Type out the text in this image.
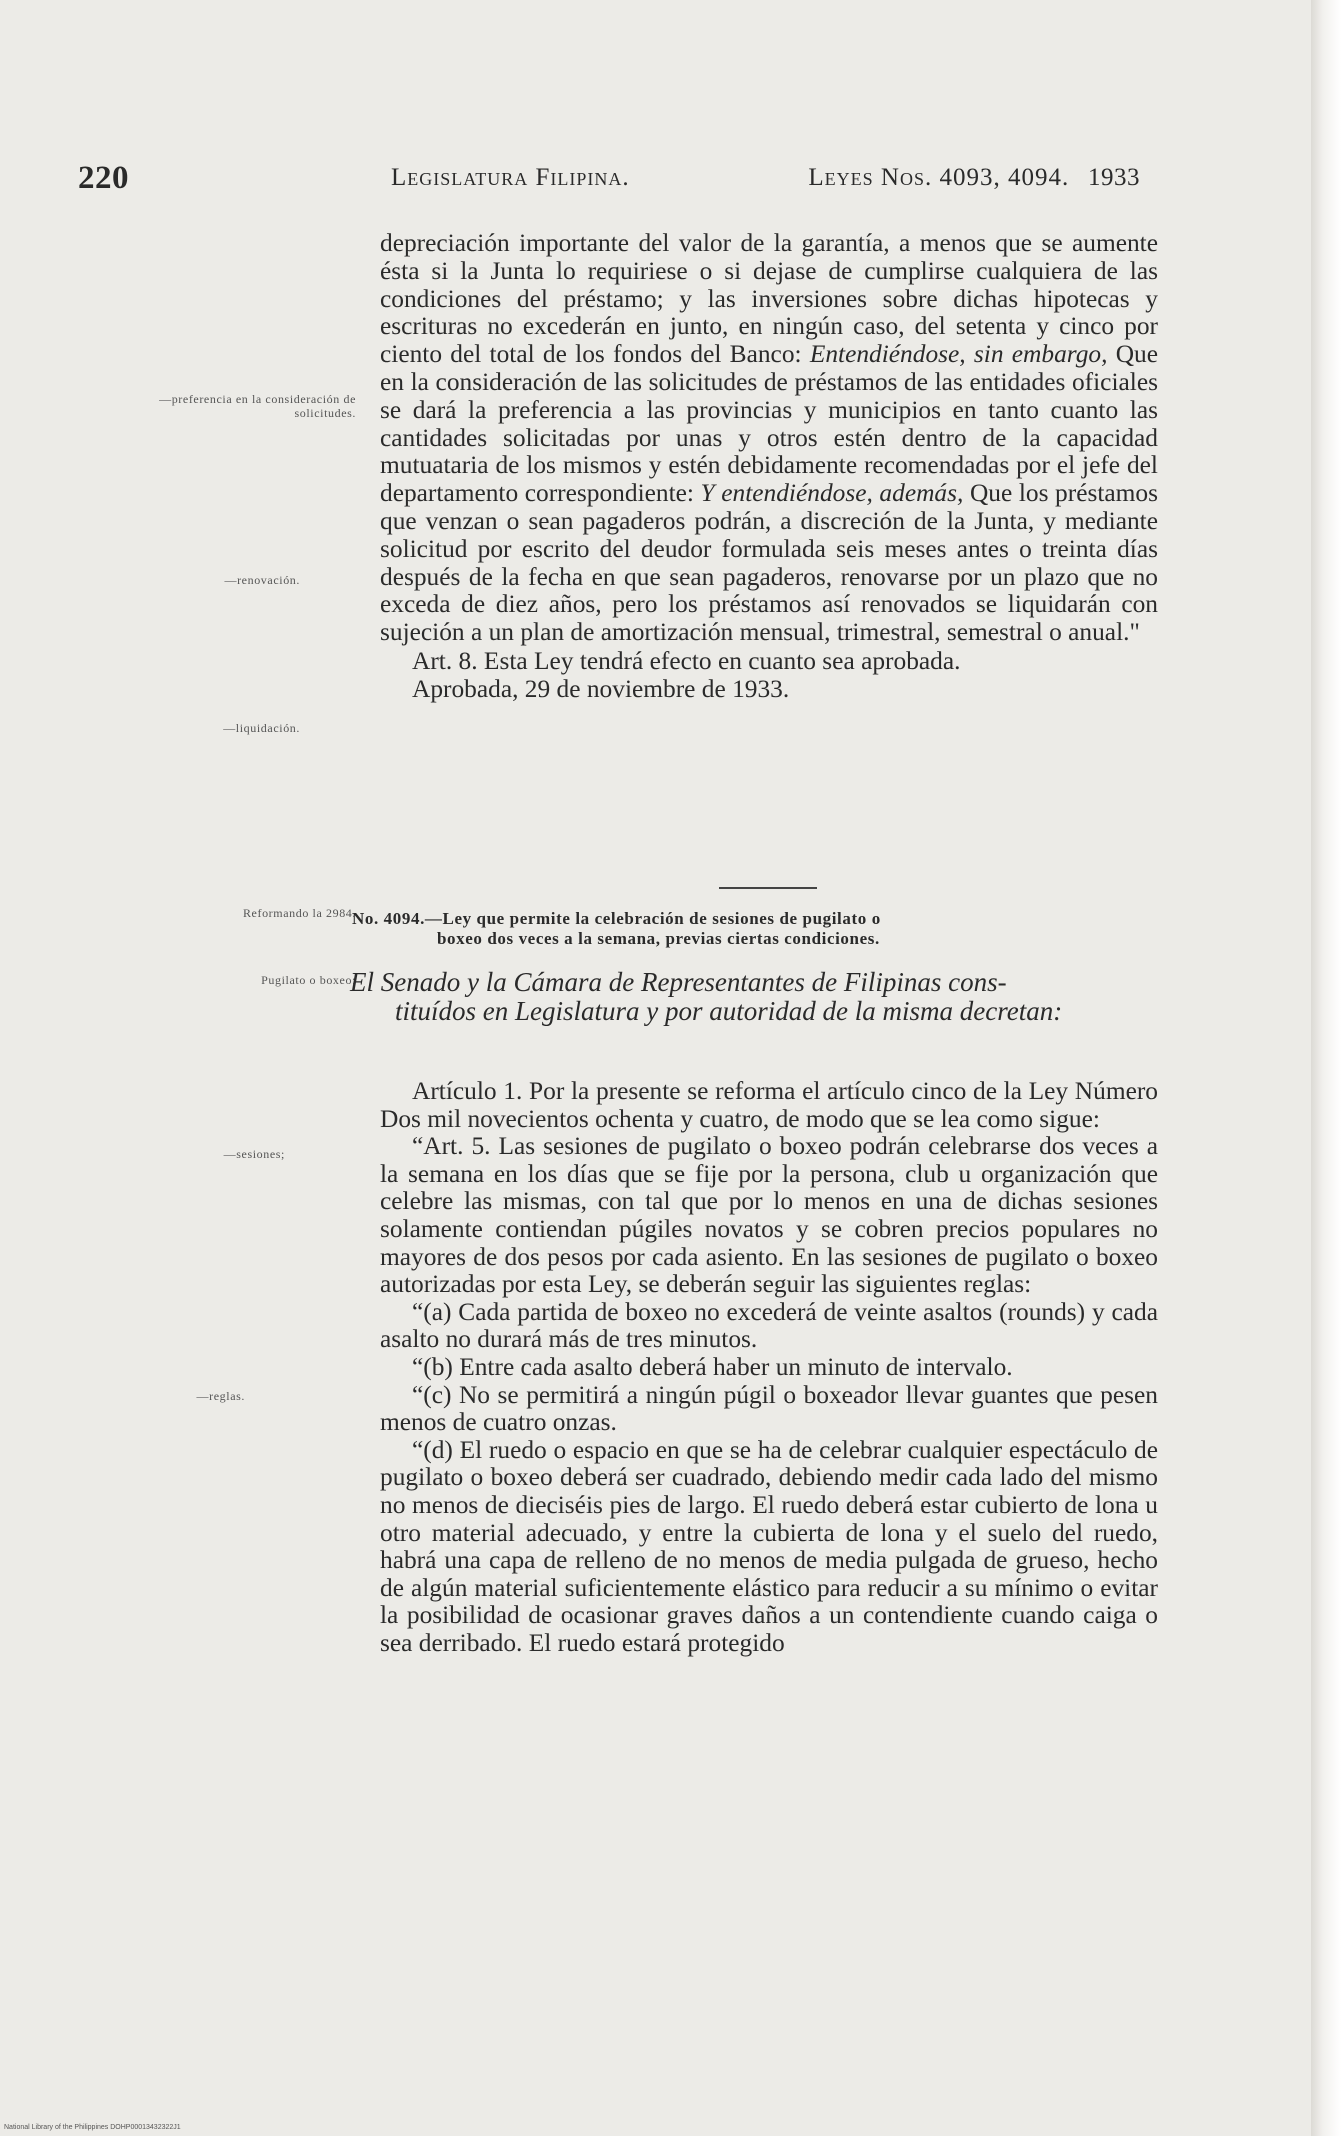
220	Legislatura Filipina.	Leyes Nos. 4093, 4094. 1933
—preferencia en la consideración de solicitudes.
—renovación.
—liquidación.
Reformando la 2984.
Pugilato o boxeo:
—sesiones;
—reglas.

depreciación importante del valor de la garantía, a menos que se aumente ésta si la Junta lo requiriese o si dejase de cumplirse cualquiera de las condiciones del préstamo; y las inversiones sobre dichas hipotecas y escrituras no excederán en junto, en ningún caso, del setenta y cinco por ciento del total de los fondos del Banco: Entendiéndose, sin embargo, Que en la consideración de las solicitudes de préstamos de las entidades oficiales se dará la preferencia a las provincias y municipios en tanto cuanto las cantidades solicitadas por unas y otros estén dentro de la capacidad mutuataria de los mismos y estén debidamente recomendadas por el jefe del departamento correspondiente: Y entendiéndose, además, Que los préstamos que venzan o sean pagaderos podrán, a discreción de la Junta, y mediante solicitud por escrito del deudor formulada seis meses antes o treinta días después de la fecha en que sean pagaderos, renovarse por un plazo que no exceda de diez años, pero los préstamos así renovados se liquidarán con sujeción a un plan de amortización mensual, trimestral, semestral o anual."

Art. 8. Esta Ley tendrá efecto en cuanto sea aprobada.

Aprobada, 29 de noviembre de 1933.

No. 4094.—Ley que permite la celebración de sesiones de pugilato o
boxeo dos veces a la semana, previas ciertas condiciones.
El Senado y la Cámara de Representantes de Filipinas cons-
tituídos en Legislatura y por autoridad de la misma decretan:

Artículo 1. Por la presente se reforma el artículo cinco de la Ley Número Dos mil novecientos ochenta y cuatro, de modo que se lea como sigue:

“Art. 5. Las sesiones de pugilato o boxeo podrán celebrarse dos veces a la semana en los días que se fije por la persona, club u organización que celebre las mismas, con tal que por lo menos en una de dichas sesiones solamente contiendan púgiles novatos y se cobren precios populares no mayores de dos pesos por cada asiento. En las sesiones de pugilato o boxeo autorizadas por esta Ley, se deberán seguir las siguientes reglas:

“(a) Cada partida de boxeo no excederá de veinte asaltos (rounds) y cada asalto no durará más de tres minutos.

“(b) Entre cada asalto deberá haber un minuto de intervalo.

“(c) No se permitirá a ningún púgil o boxeador llevar guantes que pesen menos de cuatro onzas.

“(d) El ruedo o espacio en que se ha de celebrar cualquier espectáculo de pugilato o boxeo deberá ser cuadrado, debiendo medir cada lado del mismo no menos de dieciséis pies de largo. El ruedo deberá estar cubierto de lona u otro material adecuado, y entre la cubierta de lona y el suelo del ruedo, habrá una capa de relleno de no menos de media pulgada de grueso, hecho de algún material suficientemente elástico para reducir a su mínimo o evitar la posibilidad de ocasionar graves daños a un contendiente cuando caiga o sea derribado. El ruedo estará protegido

National Library of the Philippines DOHP00013432322J1
